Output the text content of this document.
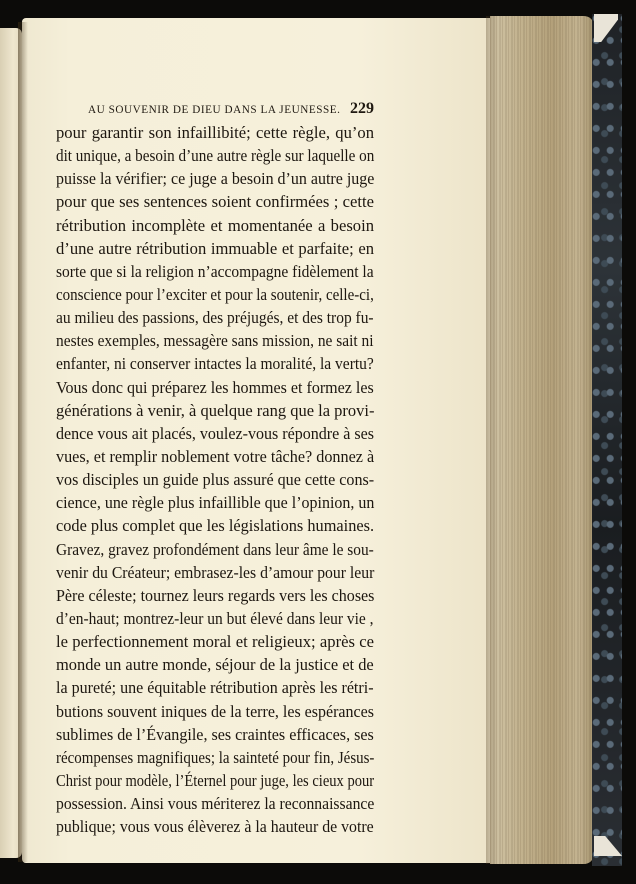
AU SOUVENIR DE DIEU DANS LA JEUNESSE. 229
pour garantir son infaillibité; cette règle, qu’on
dit unique, a besoin d’une autre règle sur laquelle on
puisse la vérifier; ce juge a besoin d’un autre juge
pour que ses sentences soient confirmées ; cette
rétribution incomplète et momentanée a besoin
d’une autre rétribution immuable et parfaite; en
sorte que si la religion n’accompagne fidèlement la
conscience pour l’exciter et pour la soutenir, celle-ci,
au milieu des passions, des préjugés, et des trop fu-
nestes exemples, messagère sans mission, ne sait ni
enfanter, ni conserver intactes la moralité, la vertu?
Vous donc qui préparez les hommes et formez les
générations à venir, à quelque rang que la provi-
dence vous ait placés, voulez-vous répondre à ses
vues, et remplir noblement votre tâche? donnez à
vos disciples un guide plus assuré que cette cons-
cience, une règle plus infaillible que l’opinion, un
code plus complet que les législations humaines.
Gravez, gravez profondément dans leur âme le sou-
venir du Créateur; embrasez-les d’amour pour leur
Père céleste; tournez leurs regards vers les choses
d’en-haut; montrez-leur un but élevé dans leur vie ,
le perfectionnement moral et religieux; après ce
monde un autre monde, séjour de la justice et de
la pureté; une équitable rétribution après les rétri-
butions souvent iniques de la terre, les espérances
sublimes de l’Évangile, ses craintes efficaces, ses
récompenses magnifiques; la sainteté pour fin, Jésus-
Christ pour modèle, l’Éternel pour juge, les cieux pour
possession. Ainsi vous mériterez la reconnaissance
publique; vous vous élèverez à la hauteur de votre
